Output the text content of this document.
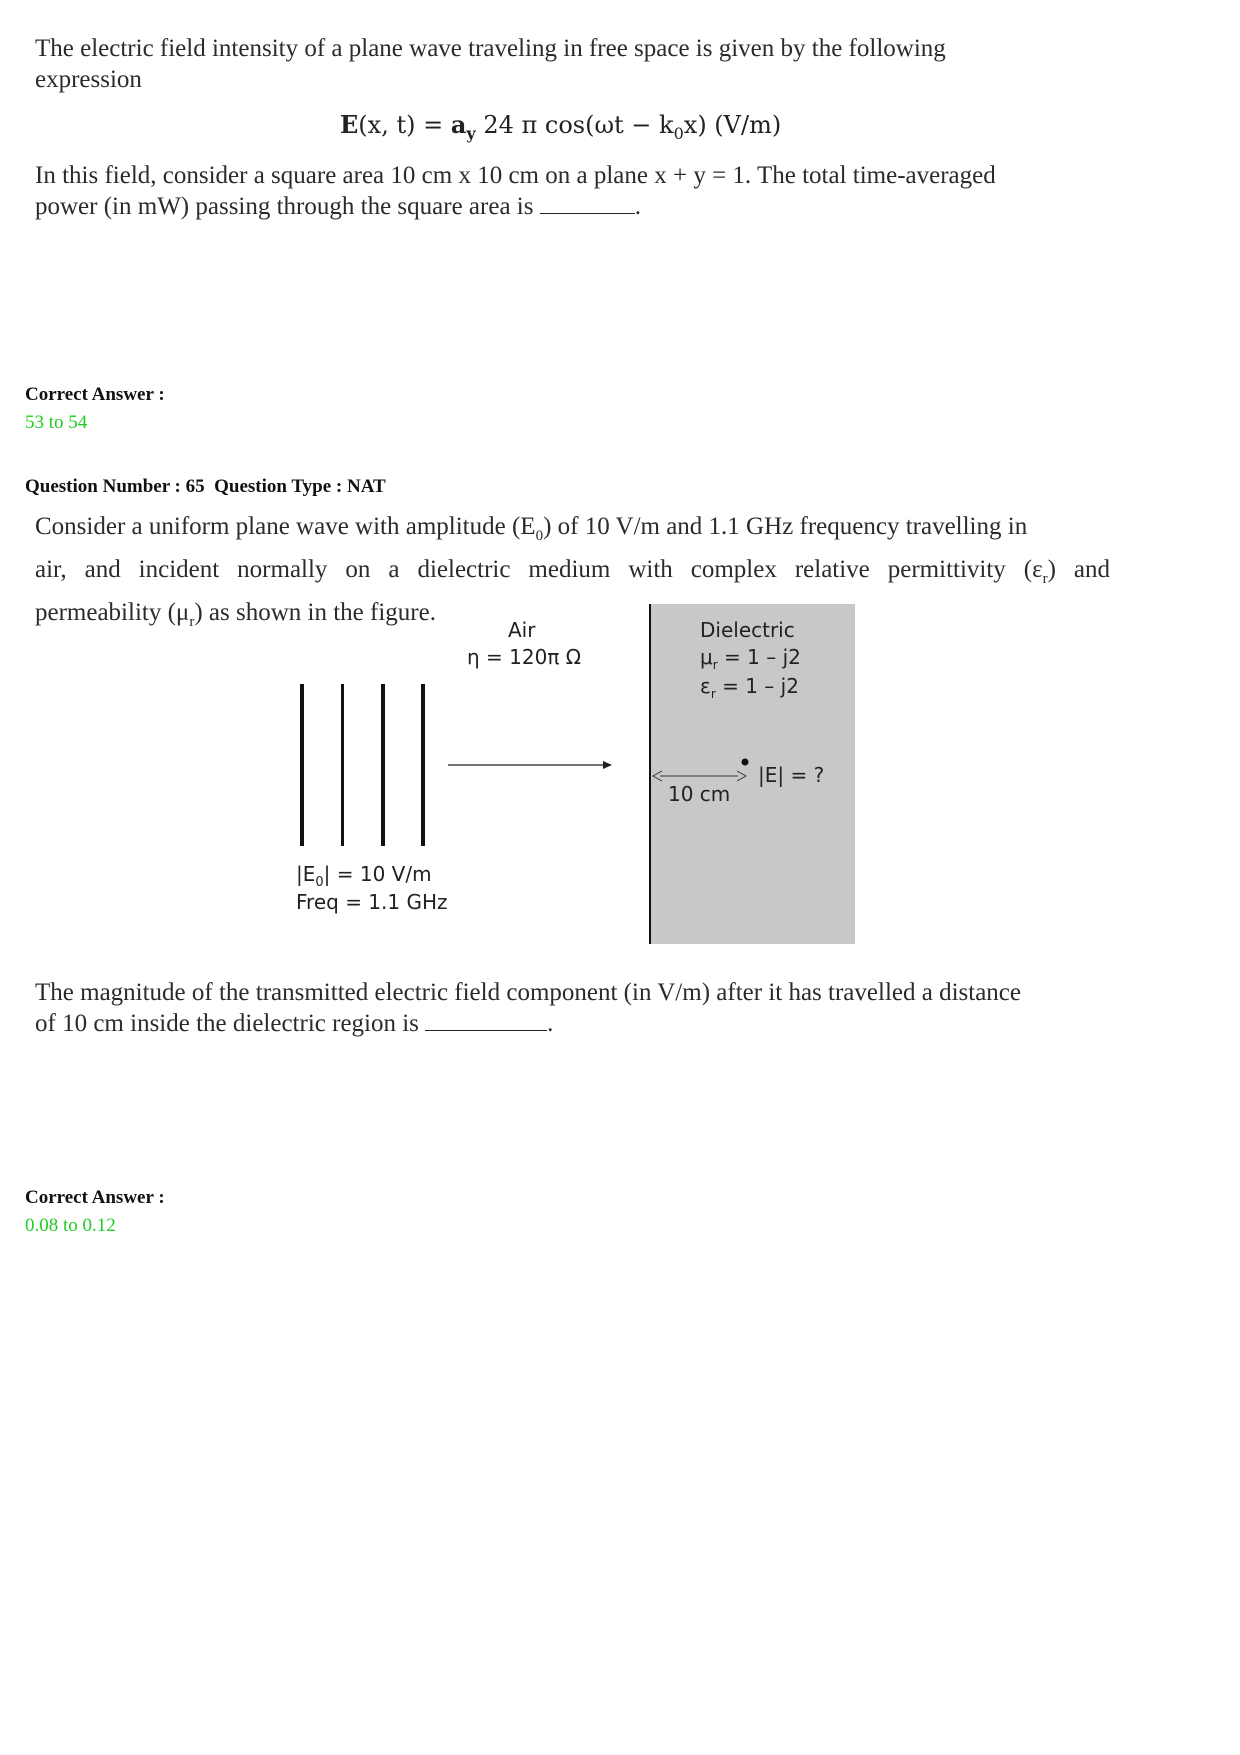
The electric field intensity of a plane wave traveling in free space is given by the following
expression
E(x, $t) = a_y$ 24 π $\cos(\omega t - k_0x)$ (V/m)
In this field, consider a square area 10 cm x 10 cm on a plane x + y = 1. The total time-averaged
power (in mW) passing through the square area is	.
Correct Answer :
53 to 54
Question Number : 65  Question Type : NAT
Consider a uniform plane wave with amplitude $(E_0)$ of 10 V/m and 1.1 GHz frequency travelling in
air, and incident normally on a dielectric medium with complex relative permittivity $(\varepsilon_r)$ and
permeability $(\mu_r)$ as shown in the figure.
Air
η = 120π Ω
Dielectric
$\mu_r = 1 - j2$
$\varepsilon_r = 1 - j2$
|E| = ?
10 cm
$|E_0| = 10$ V/m
Freq = 1.1 GHz
The magnitude of the transmitted electric field component (in V/m) after it has travelled a distance
of 10 cm inside the dielectric region is	.
Correct Answer :
0.08 to 0.12
